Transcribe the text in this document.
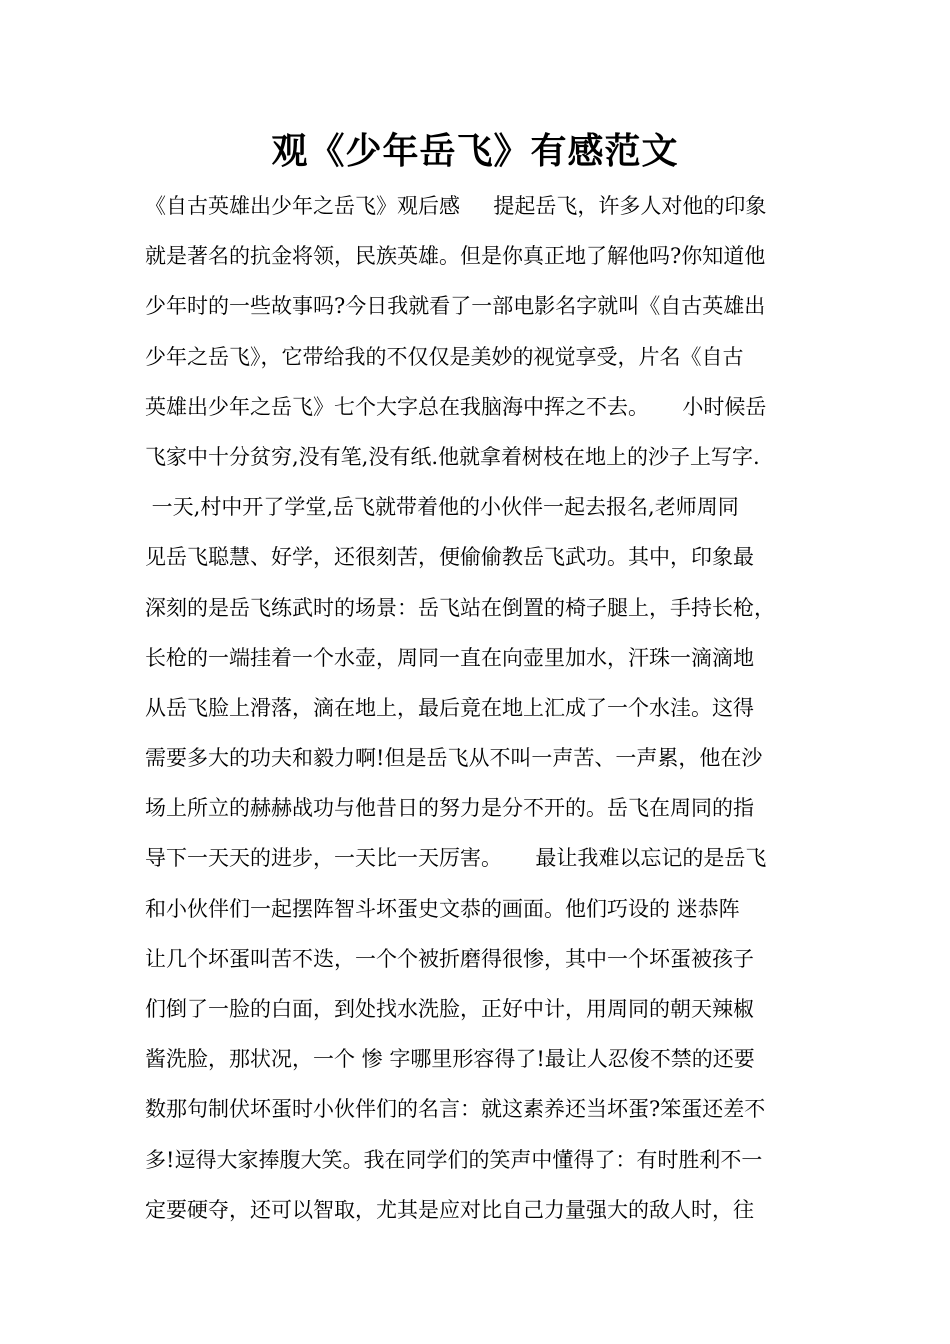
观《少年岳飞》有感范文
《自古英雄出少年之岳飞》观后感     提起岳飞，许多人对他的印象
就是著名的抗金将领，民族英雄。但是你真正地了解他吗?你知道他
少年时的一些故事吗?今日我就看了一部电影名字就叫《自古英雄出
少年之岳飞》，它带给我的不仅仅是美妙的视觉享受，片名《自古
英雄出少年之岳飞》七个大字总在我脑海中挥之不去。     小时候岳
飞家中十分贫穷,没有笔,没有纸.他就拿着树枝在地上的沙子上写字.
一天,村中开了学堂,岳飞就带着他的小伙伴一起去报名,老师周同
见岳飞聪慧、好学，还很刻苦，便偷偷教岳飞武功。其中，印象最
深刻的是岳飞练武时的场景：岳飞站在倒置的椅子腿上，手持长枪，
长枪的一端挂着一个水壶，周同一直在向壶里加水，汗珠一滴滴地
从岳飞脸上滑落，滴在地上，最后竟在地上汇成了一个水洼。这得
需要多大的功夫和毅力啊!但是岳飞从不叫一声苦、一声累，他在沙
场上所立的赫赫战功与他昔日的努力是分不开的。岳飞在周同的指
导下一天天的进步，一天比一天厉害。     最让我难以忘记的是岳飞
和小伙伴们一起摆阵智斗坏蛋史文恭的画面。他们巧设的 迷恭阵
让几个坏蛋叫苦不迭，一个个被折磨得很惨，其中一个坏蛋被孩子
们倒了一脸的白面，到处找水洗脸，正好中计，用周同的朝天辣椒
酱洗脸，那状况，一个 惨 字哪里形容得了!最让人忍俊不禁的还要
数那句制伏坏蛋时小伙伴们的名言：就这素养还当坏蛋?笨蛋还差不
多!逗得大家捧腹大笑。我在同学们的笑声中懂得了：有时胜利不一
定要硬夺，还可以智取，尤其是应对比自己力量强大的敌人时，往
